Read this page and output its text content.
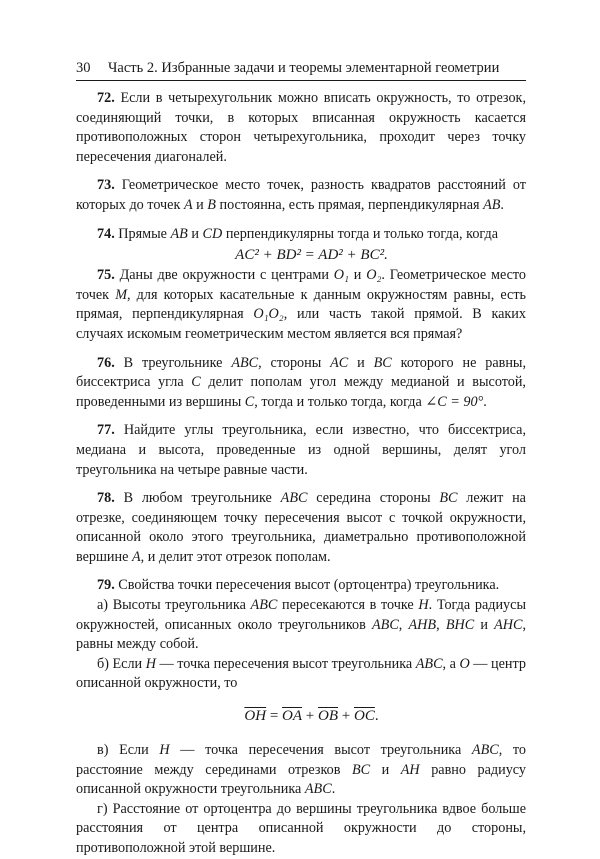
30 Часть 2. Избранные задачи и теоремы элементарной геометрии

72. Если в четырехугольник можно вписать окружность, то отрезок, соединяющий точки, в которых вписанная окружность касается противоположных сторон четырехугольника, проходит через точку пересечения диагоналей.

73. Геометрическое место точек, разность квадратов расстояний от которых до точек A и B постоянна, есть прямая, перпендикулярная AB.

74. Прямые AB и CD перпендикулярны тогда и только тогда, когда

AC² + BD² = AD² + BC².

75. Даны две окружности с центрами O₁ и O₂. Геометрическое место точек M, для которых касательные к данным окружностям равны, есть прямая, перпендикулярная O₁O₂, или часть такой прямой. В каких случаях искомым геометрическим местом является вся прямая?

76. В треугольнике ABC, стороны AC и BC которого не равны, биссектриса угла C делит пополам угол между медианой и высотой, проведенными из вершины C, тогда и только тогда, когда ∠C = 90°.

77. Найдите углы треугольника, если известно, что биссектриса, медиана и высота, проведенные из одной вершины, делят угол треугольника на четыре равные части.

78. В любом треугольнике ABC середина стороны BC лежит на отрезке, соединяющем точку пересечения высот с точкой окружности, описанной около этого треугольника, диаметрально противоположной вершине A, и делит этот отрезок пополам.

79. Свойства точки пересечения высот (ортоцентра) треугольника.

а) Высоты треугольника ABC пересекаются в точке H. Тогда радиусы окружностей, описанных около треугольников ABC, AHB, BHC и AHC, равны между собой.

б) Если H — точка пересечения высот треугольника ABC, а O — центр описанной окружности, то

$\overline{OH} = \overline{OA} + \overline{OB} + \overline{OC}$.

в) Если H — точка пересечения высот треугольника ABC, то расстояние между серединами отрезков BC и AH равно радиусу описанной окружности треугольника ABC.

г) Расстояние от ортоцентра до вершины треугольника вдвое больше расстояния от центра описанной окружности до стороны, противоположной этой вершине.
